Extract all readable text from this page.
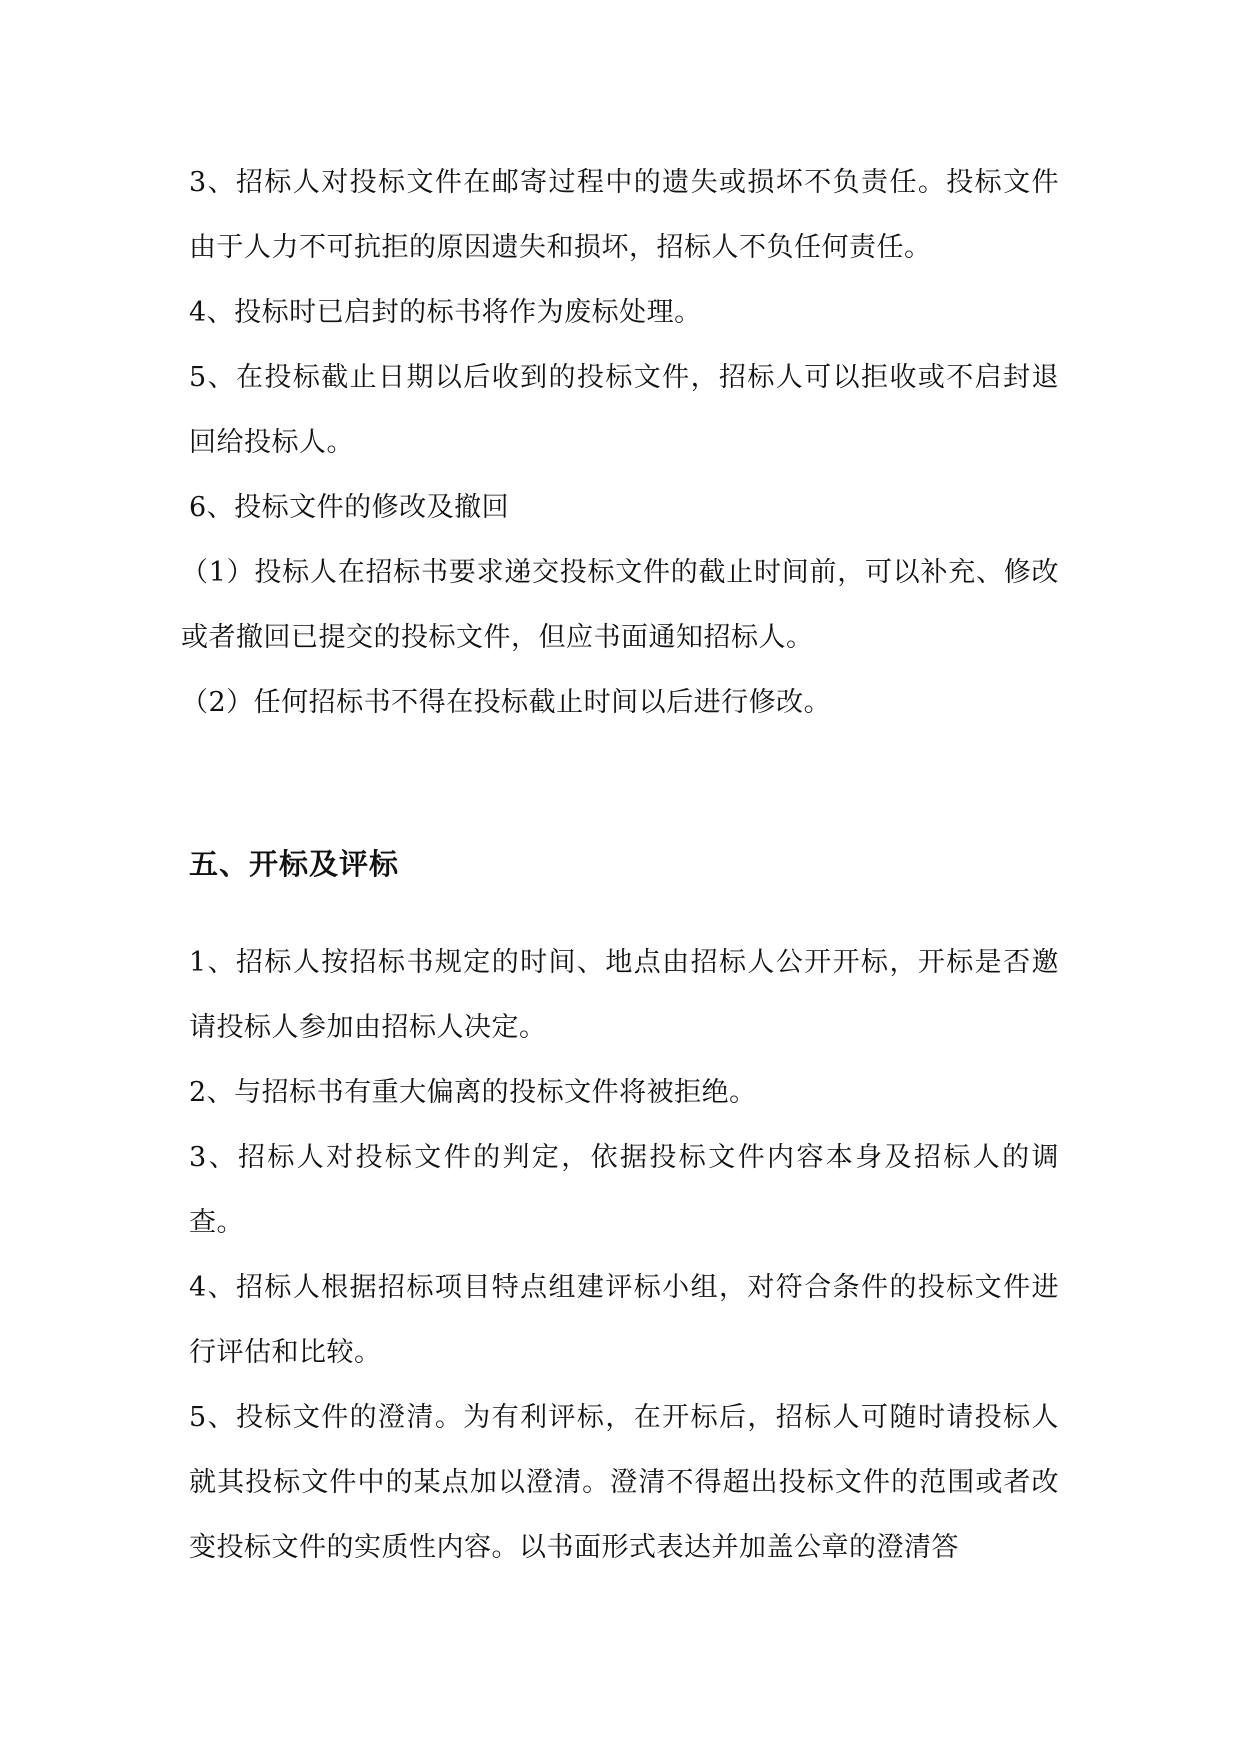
3、招标人对投标文件在邮寄过程中的遗失或损坏不负责任。投标文件由于人力不可抗拒的原因遗失和损坏，招标人不负任何责任。

4、投标时已启封的标书将作为废标处理。

5、在投标截止日期以后收到的投标文件，招标人可以拒收或不启封退回给投标人。

6、投标文件的修改及撤回

（1）投标人在招标书要求递交投标文件的截止时间前，可以补充、修改或者撤回已提交的投标文件，但应书面通知招标人。

（2）任何招标书不得在投标截止时间以后进行修改。

五、开标及评标

1、招标人按招标书规定的时间、地点由招标人公开开标，开标是否邀请投标人参加由招标人决定。

2、与招标书有重大偏离的投标文件将被拒绝。

3、招标人对投标文件的判定，依据投标文件内容本身及招标人的调查。

4、招标人根据招标项目特点组建评标小组，对符合条件的投标文件进行评估和比较。

5、投标文件的澄清。为有利评标，在开标后，招标人可随时请投标人就其投标文件中的某点加以澄清。澄清不得超出投标文件的范围或者改变投标文件的实质性内容。以书面形式表达并加盖公章的澄清答
